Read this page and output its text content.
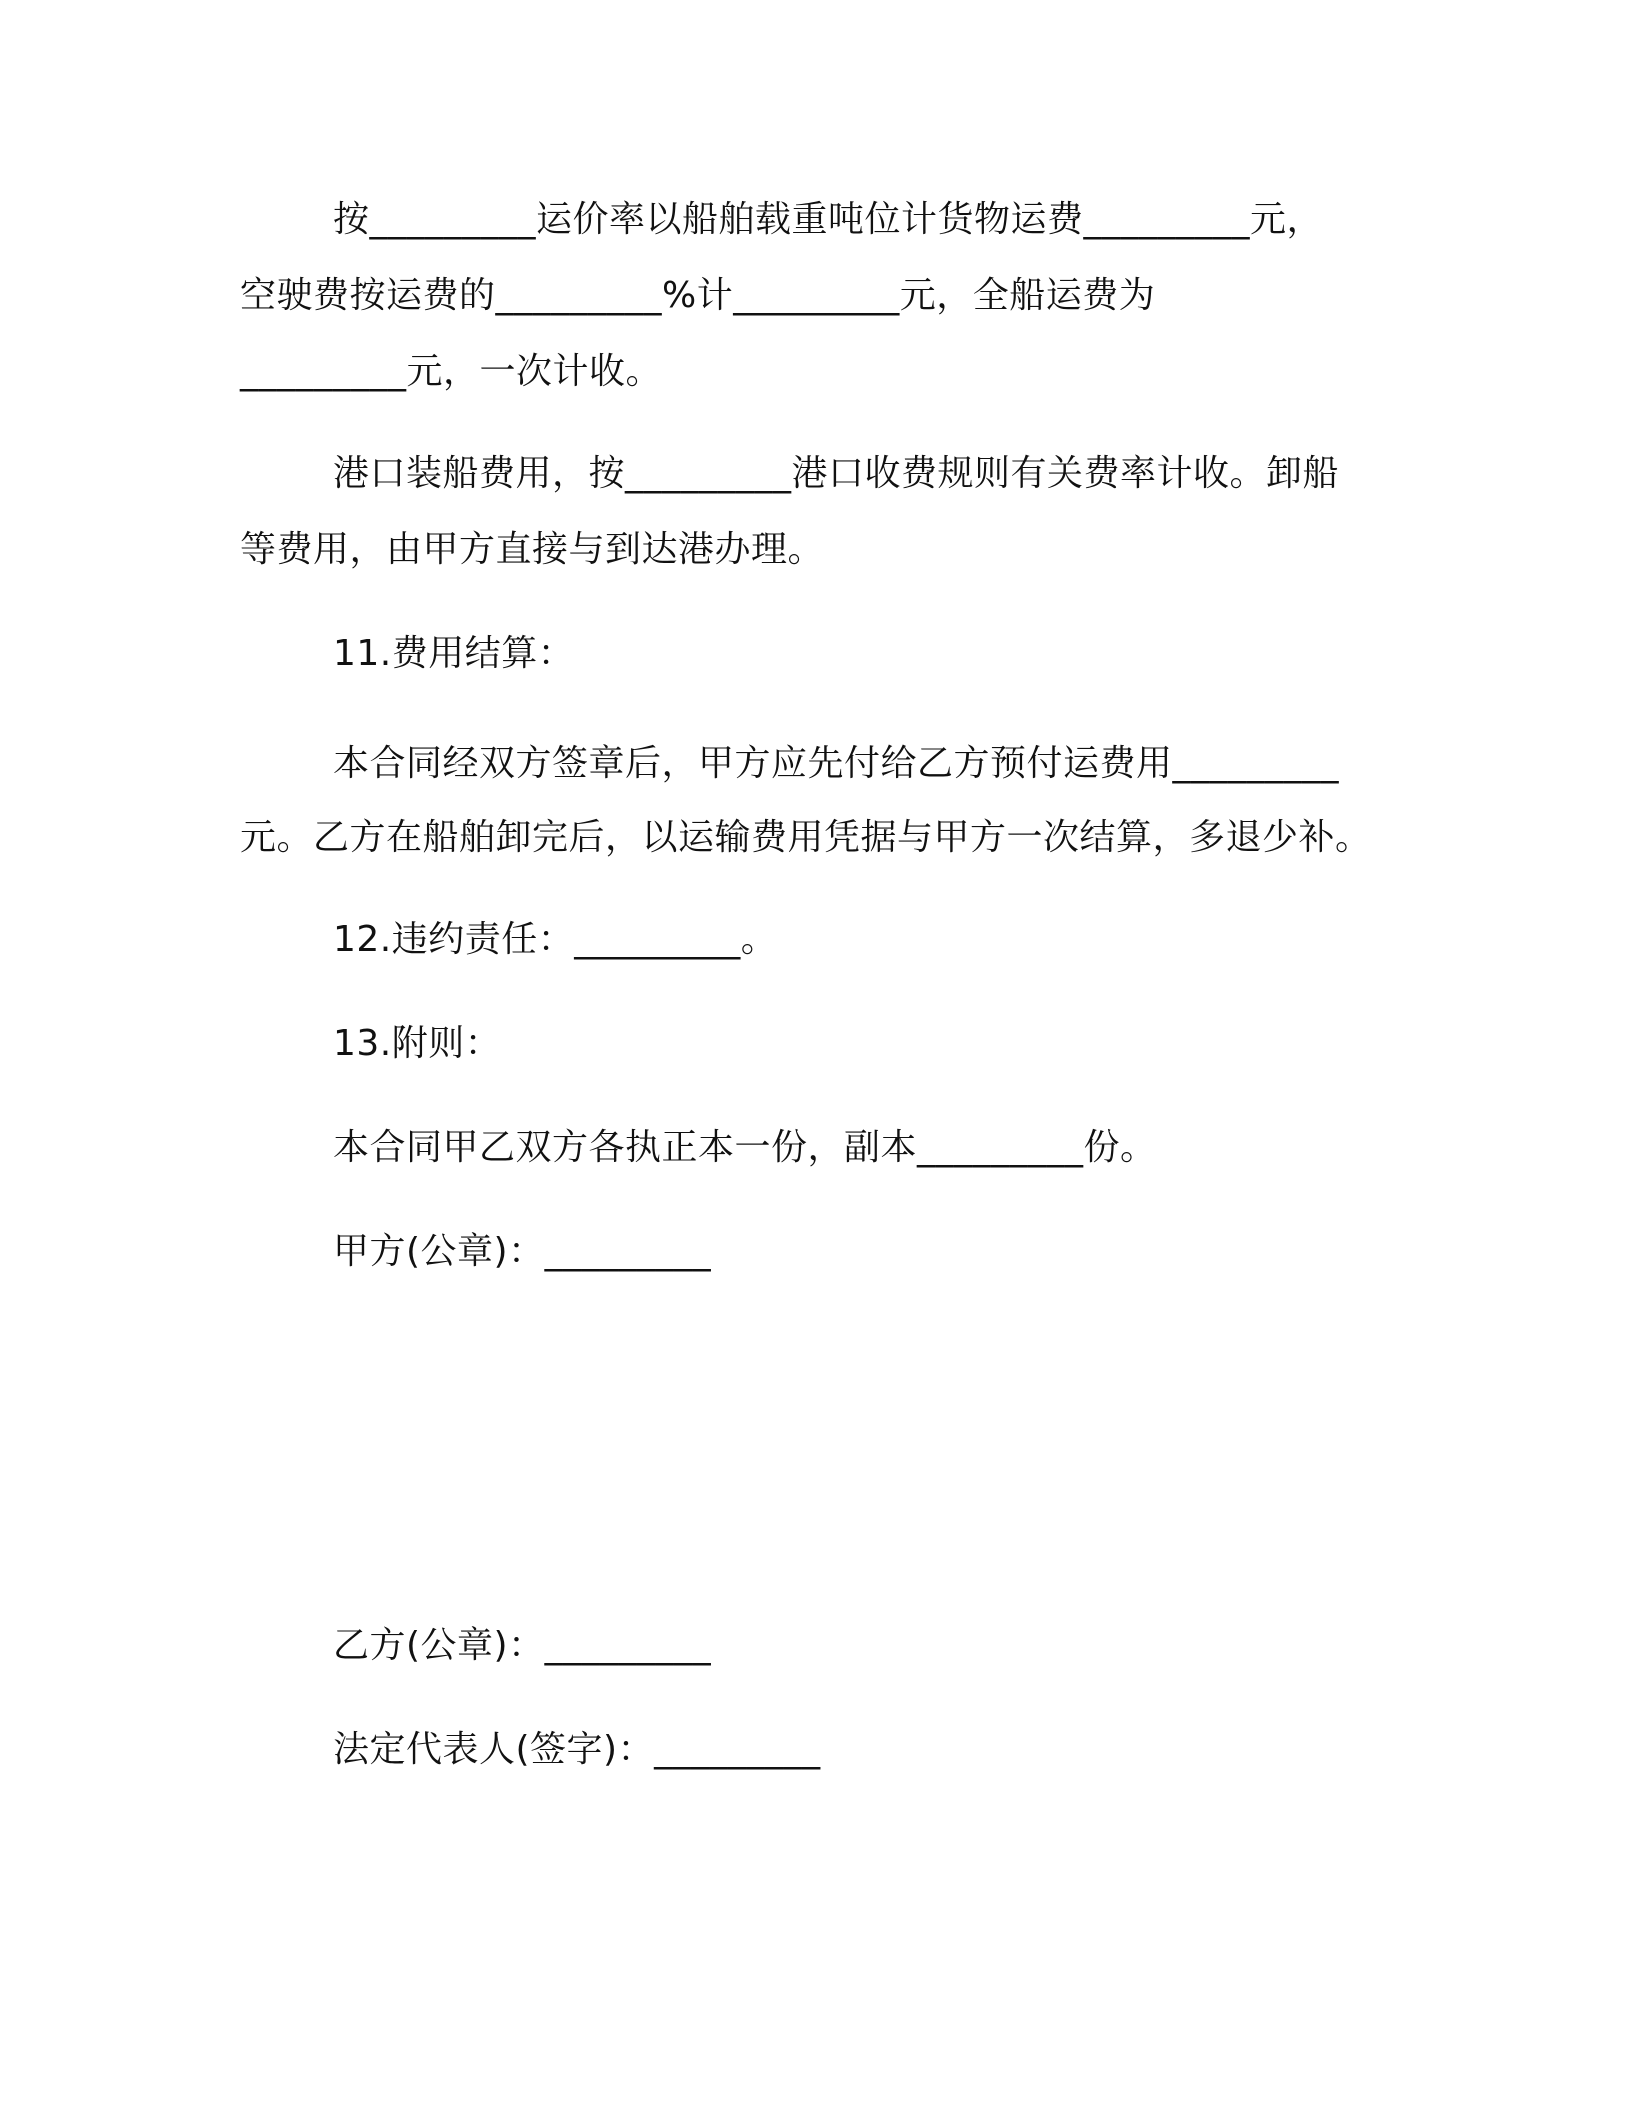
按_________运价率以船舶载重吨位计货物运费_________元，
空驶费按运费的_________%计_________元，全船运费为
_________元，一次计收。
港口装船费用，按_________港口收费规则有关费率计收。卸船
等费用，由甲方直接与到达港办理。
11.费用结算：
本合同经双方签章后，甲方应先付给乙方预付运费用_________
元。乙方在船舶卸完后，以运输费用凭据与甲方一次结算，多退少补。
12.违约责任：_________。
13.附则：
本合同甲乙双方各执正本一份，副本_________份。
甲方(公章)：_________
乙方(公章)：_________
法定代表人(签字)：_________
